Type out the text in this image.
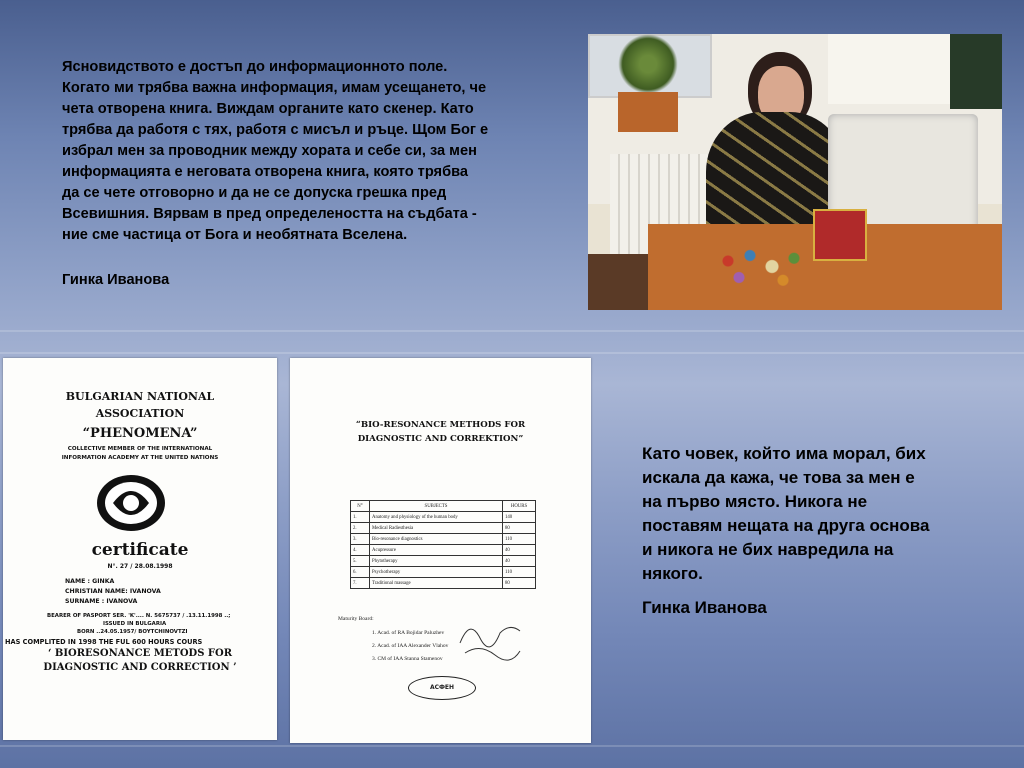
Ясновидството е достъп до информационното поле.
Когато ми трябва важна информация, имам усещането, че
чета отворена книга. Виждам органите като скенер. Като
трябва да работя с тях, работя с мисъл и ръце. Щом Бог е
избрал мен за проводник между хората и себе си, за мен
информацията е неговата отворена книга, която трябва
да се чете отговорно и да не се допуска грешка пред
Всевишния. Вярвам в пред определеността на съдбата -
ние сме частица от Бога и необятната Вселена.
Гинка Иванова
BULGARIAN NATIONAL
ASSOCIATION
“PHENOMENA”
COLLECTIVE MEMBER OF THE INTERNATIONAL
INFORMATION ACADEMY AT THE UNITED NATIONS
certificate
N°. 27 / 28.08.1998
NAME : GINKA
CHRISTIAN NAME: IVANOVA
SURNAME : IVANOVA
BEARER OF PASPORT SER. 'K'.... N. 5675737 / .13.11.1998 ..;
ISSUED IN BULGARIA
BORN ..24.05.1957/ BOYTCHINOVTZI
HAS COMPLITED IN 1998 THE FUL 600 HOURS COURS
‘ BIORESONANCE METODS FOR
DIAGNOSTIC AND CORRECTION ’
“BIO-RESONANCE METHODS FOR
DIAGNOSTIC AND CORREKTION”
N°	SUBJECTS	HOURS
1.	Anatomy and physiology of the human body	140
2.	Medical Radiesthesia	80
3.	Bio-resonance diagnostics	110
4.	Acupressure	40
5.	Phytotherapy	40
6.	Psychotherapy	110
7.	Traditional massage	80
Maturity Board:
1. Acad. of RA Bojidar Paluzhev
2. Acad. of IAA Alexander Vlahov
3. CM of IAA Stanna Stamenov
АСФЕН
Като човек, който има морал, бих
искала да кажа, че това за мен е
на първо място. Никога не
поставям нещата на друга основа
и никога не бих навредила на
някого.
Гинка Иванова
